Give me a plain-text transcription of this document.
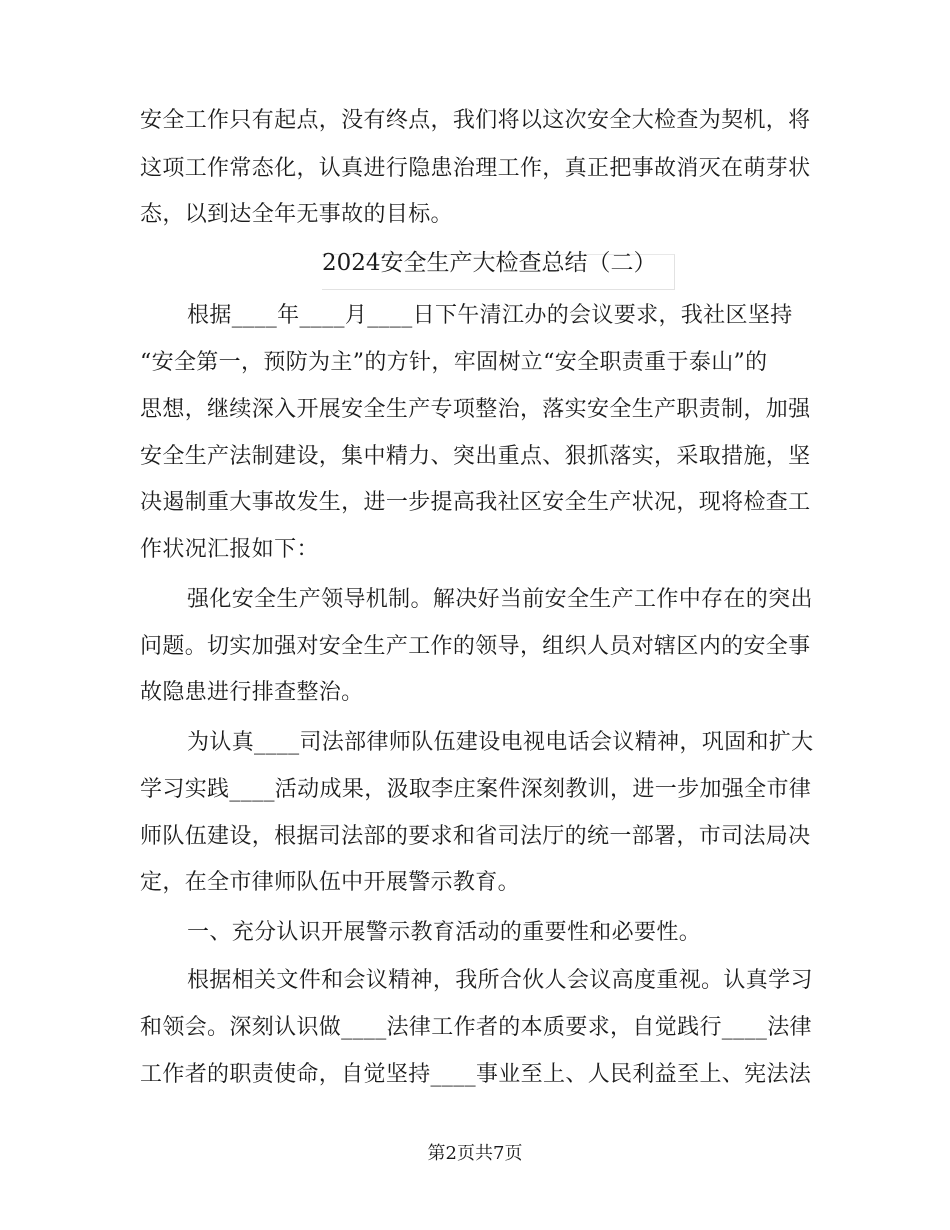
安全工作只有起点，没有终点，我们将以这次安全大检查为契机，将
这项工作常态化，认真进行隐患治理工作，真正把事故消灭在萌芽状
态，以到达全年无事故的目标。
2024安全生产大检查总结（二）
根据____年____月____日下午清江办的会议要求，我社区坚持
“安全第一，预防为主”的方针，牢固树立“安全职责重于泰山”的
思想，继续深入开展安全生产专项整治，落实安全生产职责制，加强
安全生产法制建设，集中精力、突出重点、狠抓落实，采取措施，坚
决遏制重大事故发生，进一步提高我社区安全生产状况，现将检查工
作状况汇报如下：
强化安全生产领导机制。解决好当前安全生产工作中存在的突出
问题。切实加强对安全生产工作的领导，组织人员对辖区内的安全事
故隐患进行排查整治。
为认真____司法部律师队伍建设电视电话会议精神，巩固和扩大
学习实践____活动成果，汲取李庄案件深刻教训，进一步加强全市律
师队伍建设，根据司法部的要求和省司法厅的统一部署，市司法局决
定，在全市律师队伍中开展警示教育。
一、充分认识开展警示教育活动的重要性和必要性。
根据相关文件和会议精神，我所合伙人会议高度重视。认真学习
和领会。深刻认识做____法律工作者的本质要求，自觉践行____法律
工作者的职责使命，自觉坚持____事业至上、人民利益至上、宪法法
第2页共7页
